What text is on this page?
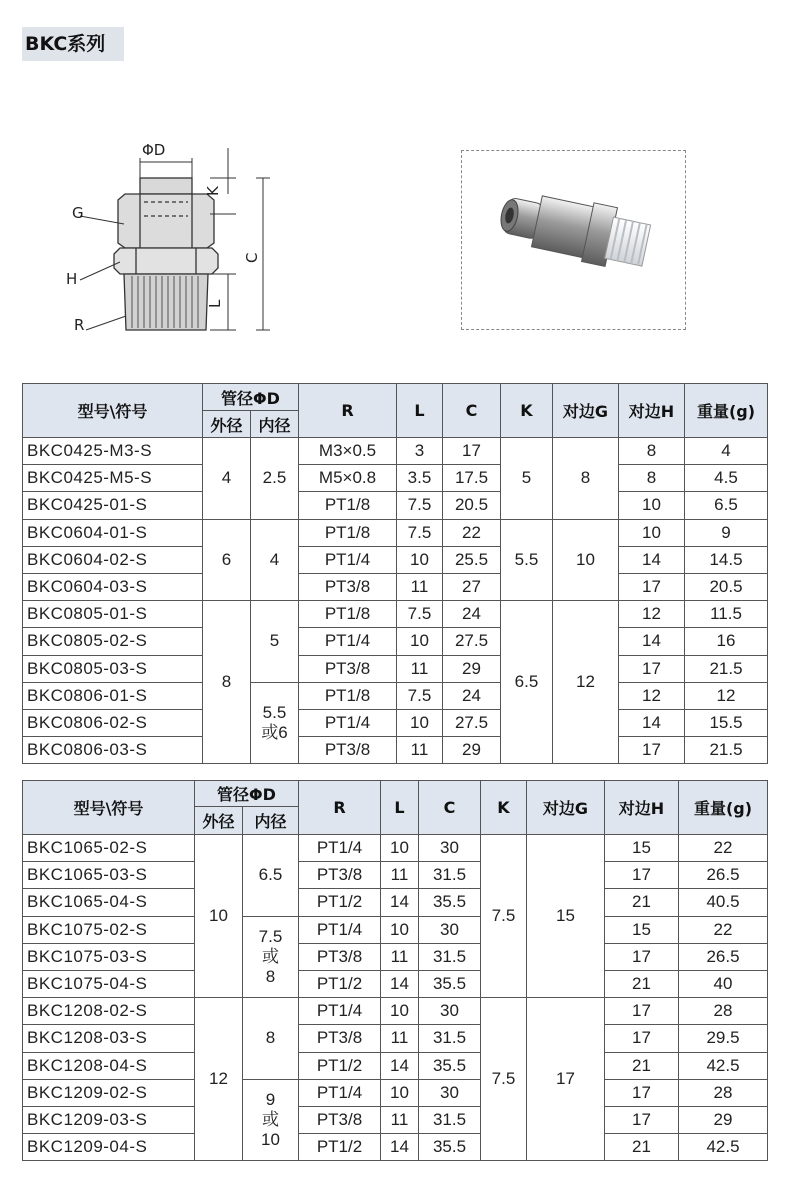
BKC系列
ΦD
K
C
G
H
L
R
型号\符号	管径ΦD		R	L	C	K	对边G	对边H	重量(g)
	外径	内径							
BKC0425-M3-S	4	2.5	M3×0.5	3	17	5	8	8	4
BKC0425-M5-S			M5×0.8	3.5	17.5			8	4.5
BKC0425-01-S			PT1/8	7.5	20.5			10	6.5
BKC0604-01-S	6	4	PT1/8	7.5	22	5.5	10	10	9
BKC0604-02-S			PT1/4	10	25.5			14	14.5
BKC0604-03-S			PT3/8	11	27			17	20.5
BKC0805-01-S	8	5	PT1/8	7.5	24	6.5	12	12	11.5
BKC0805-02-S			PT1/4	10	27.5			14	16
BKC0805-03-S			PT3/8	11	29			17	21.5
BKC0806-01-S		5.5
或6	PT1/8	7.5	24			12	12
BKC0806-02-S			PT1/4	10	27.5			14	15.5
BKC0806-03-S			PT3/8	11	29			17	21.5
型号\符号	管径ΦD		R	L	C	K	对边G	对边H	重量(g)
	外径	内径							
BKC1065-02-S	10	6.5	PT1/4	10	30	7.5	15	15	22
BKC1065-03-S			PT3/8	11	31.5			17	26.5
BKC1065-04-S			PT1/2	14	35.5			21	40.5
BKC1075-02-S		7.5
或
8	PT1/4	10	30			15	22
BKC1075-03-S			PT3/8	11	31.5			17	26.5
BKC1075-04-S			PT1/2	14	35.5			21	40
BKC1208-02-S	12	8	PT1/4	10	30	7.5	17	17	28
BKC1208-03-S			PT3/8	11	31.5			17	29.5
BKC1208-04-S			PT1/2	14	35.5			21	42.5
BKC1209-02-S		9
或
10	PT1/4	10	30			17	28
BKC1209-03-S			PT3/8	11	31.5			17	29
BKC1209-04-S			PT1/2	14	35.5			21	42.5
